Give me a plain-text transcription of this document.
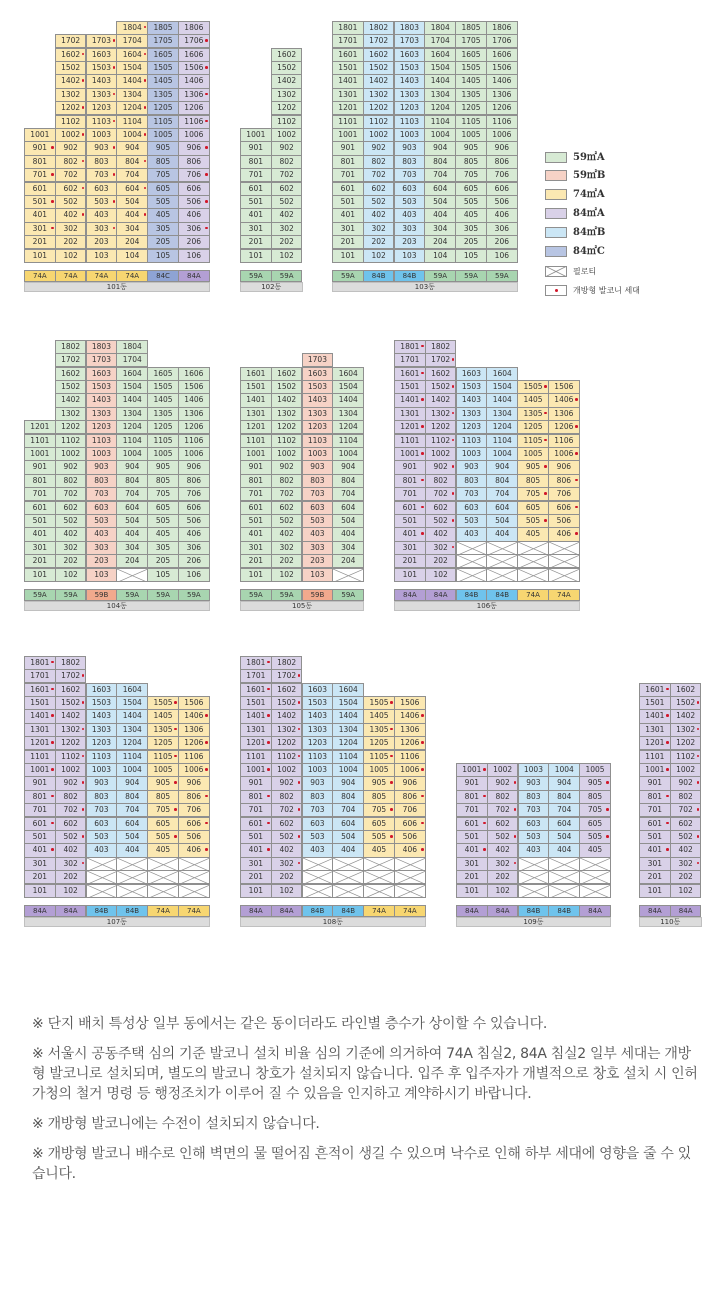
101
201
301
401
501
601
701
801
901
1001
74A
102
202
302
402
502
602
702
802
902
1002
1102
1202
1302
1402
1502
1602
1702
74A
103
203
303
403
503
603
703
803
903
1003
1103
1203
1303
1403
1503
1603
1703
74A
104
204
304
404
504
604
704
804
904
1004
1104
1204
1304
1404
1504
1604
1704
1804
74A
105
205
305
405
505
605
705
805
905
1005
1105
1205
1305
1405
1505
1605
1705
1805
84C
106
206
306
406
506
606
706
806
906
1006
1106
1206
1306
1406
1506
1606
1706
1806
84A
101동
101
201
301
401
501
601
701
801
901
1001
59A
102
202
302
402
502
602
702
802
902
1002
1102
1202
1302
1402
1502
1602
59A
102동
101
201
301
401
501
601
701
801
901
1001
1101
1201
1301
1401
1501
1601
1701
1801
59A
102
202
302
402
502
602
702
802
902
1002
1102
1202
1302
1402
1502
1602
1702
1802
84B
103
203
303
403
503
603
703
803
903
1003
1103
1203
1303
1403
1503
1603
1703
1803
84B
104
204
304
404
504
604
704
804
904
1004
1104
1204
1304
1404
1504
1604
1704
1804
59A
105
205
305
405
505
605
705
805
905
1005
1105
1205
1305
1405
1505
1605
1705
1805
59A
106
206
306
406
506
606
706
806
906
1006
1106
1206
1306
1406
1506
1606
1706
1806
59A
103동
101
201
301
401
501
601
701
801
901
1001
1101
1201
59A
102
202
302
402
502
602
702
802
902
1002
1102
1202
1302
1402
1502
1602
1702
1802
59A
103
203
303
403
503
603
703
803
903
1003
1103
1203
1303
1403
1503
1603
1703
1803
59B
204
304
404
504
604
704
804
904
1004
1104
1204
1304
1404
1504
1604
1704
1804
59A
105
205
305
405
505
605
705
805
905
1005
1105
1205
1305
1405
1505
1605
59A
106
206
306
406
506
606
706
806
906
1006
1106
1206
1306
1406
1506
1606
59A
104동
101
201
301
401
501
601
701
801
901
1001
1101
1201
1301
1401
1501
1601
59A
102
202
302
402
502
602
702
802
902
1002
1102
1202
1302
1402
1502
1602
59A
103
203
303
403
503
603
703
803
903
1003
1103
1203
1303
1403
1503
1603
1703
59B
204
304
404
504
604
704
804
904
1004
1104
1204
1304
1404
1504
1604
59A
105동
101
201
301
401
501
601
701
801
901
1001
1101
1201
1301
1401
1501
1601
1701
1801
84A
102
202
302
402
502
602
702
802
902
1002
1102
1202
1302
1402
1502
1602
1702
1802
84A
403
503
603
703
803
903
1003
1103
1203
1303
1403
1503
1603
84B
404
504
604
704
804
904
1004
1104
1204
1304
1404
1504
1604
84B
405
505
605
705
805
905
1005
1105
1205
1305
1405
1505
74A
406
506
606
706
806
906
1006
1106
1206
1306
1406
1506
74A
106동
101
201
301
401
501
601
701
801
901
1001
1101
1201
1301
1401
1501
1601
1701
1801
84A
102
202
302
402
502
602
702
802
902
1002
1102
1202
1302
1402
1502
1602
1702
1802
84A
403
503
603
703
803
903
1003
1103
1203
1303
1403
1503
1603
84B
404
504
604
704
804
904
1004
1104
1204
1304
1404
1504
1604
84B
405
505
605
705
805
905
1005
1105
1205
1305
1405
1505
74A
406
506
606
706
806
906
1006
1106
1206
1306
1406
1506
74A
107동
101
201
301
401
501
601
701
801
901
1001
1101
1201
1301
1401
1501
1601
1701
1801
84A
102
202
302
402
502
602
702
802
902
1002
1102
1202
1302
1402
1502
1602
1702
1802
84A
403
503
603
703
803
903
1003
1103
1203
1303
1403
1503
1603
84B
404
504
604
704
804
904
1004
1104
1204
1304
1404
1504
1604
84B
405
505
605
705
805
905
1005
1105
1205
1305
1405
1505
74A
406
506
606
706
806
906
1006
1106
1206
1306
1406
1506
74A
108동
101
201
301
401
501
601
701
801
901
1001
84A
102
202
302
402
502
602
702
802
902
1002
84A
403
503
603
703
803
903
1003
84B
404
504
604
704
804
904
1004
84B
405
505
605
705
805
905
1005
84A
109동
101
201
301
401
501
601
701
801
901
1001
1101
1201
1301
1401
1501
1601
84A
102
202
302
402
502
602
702
802
902
1002
1102
1202
1302
1402
1502
1602
84A
110동
59㎡A
59㎡B
74㎡A
84㎡A
84㎡B
84㎡C
필로티
개방형 발코니 세대

※ 단지 배치 특성상 일부 동에서는 같은 동이더라도 라인별 층수가 상이할 수 있습니다.

※ 서울시 공동주택 심의 기준 발코니 설치 비율 심의 기준에 의거하여 74A 침실2, 84A 침실2 일부 세대는 개방형 발코니로 설치되며, 별도의 발코니 창호가 설치되지 않습니다. 입주 후 입주자가 개별적으로 창호 설치 시 인허가청의 철거 명령 등 행정조치가 이루어 질 수 있음을 인지하고 계약하시기 바랍니다.

※ 개방형 발코니에는 수전이 설치되지 않습니다.

※ 개방형 발코니 배수로 인해 벽면의 물 떨어짐 흔적이 생길 수 있으며 낙수로 인해 하부 세대에 영향을 줄 수 있습니다.
